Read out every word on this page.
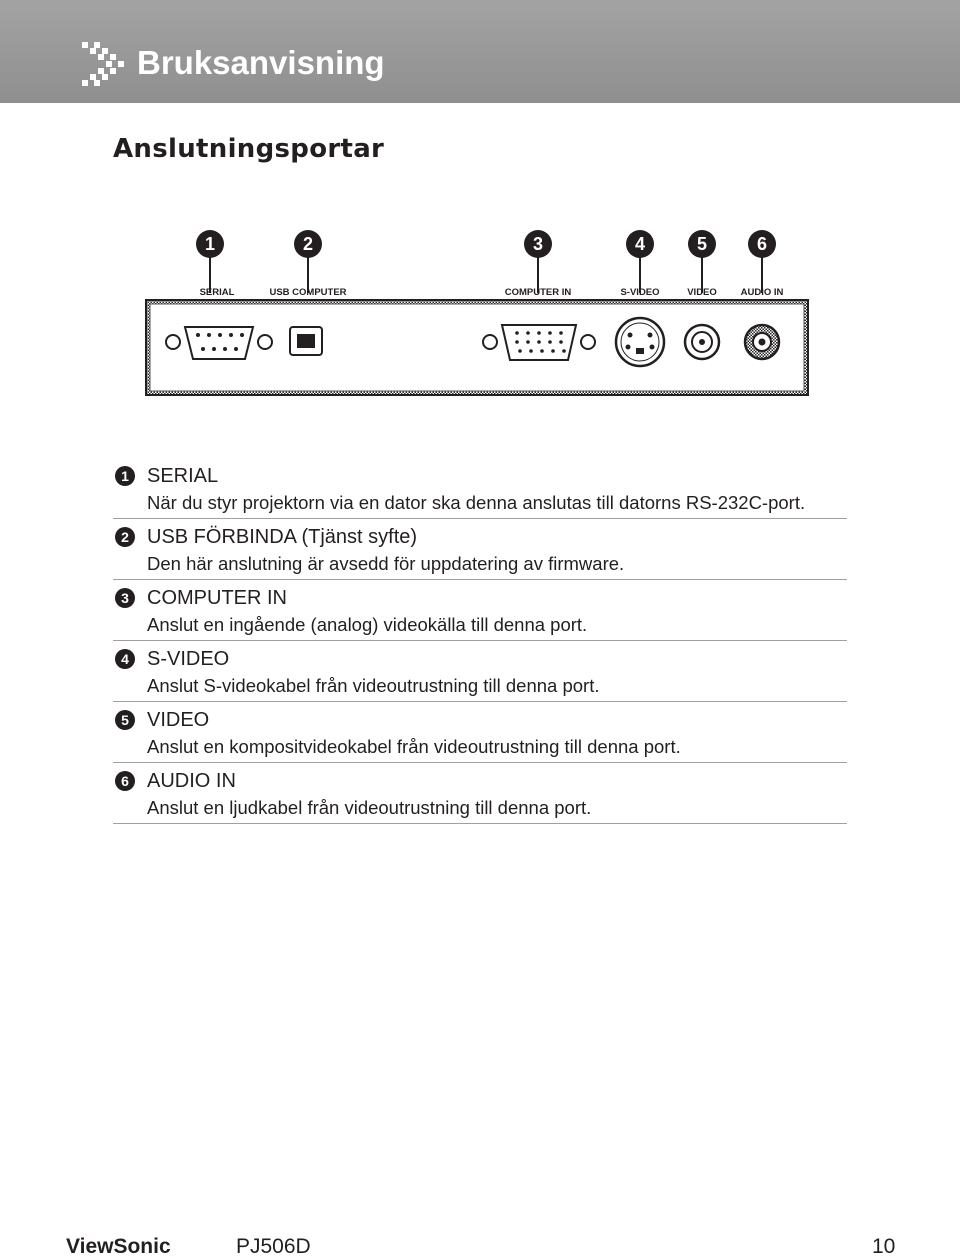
Bruksanvisning
Anslutningsportar
1	2	3	4	5	6
SERIAL	USB COMPUTER	COMPUTER IN	S-VIDEO	VIDEO	AUDIO IN
1 SERIAL
När du styr projektorn via en dator ska denna anslutas till datorns RS-232C-port.
2 USB FÖRBINDA (Tjänst syfte)
Den här anslutning är avsedd för uppdatering av firmware.
3 COMPUTER IN
Anslut en ingående (analog) videokälla till denna port.
4 S-VIDEO
Anslut S-videokabel från videoutrustning till denna port.
5 VIDEO
Anslut en kompositvideokabel från videoutrustning till denna port.
6 AUDIO IN
Anslut en ljudkabel från videoutrustning till denna port.
ViewSonic	PJ506D	10
